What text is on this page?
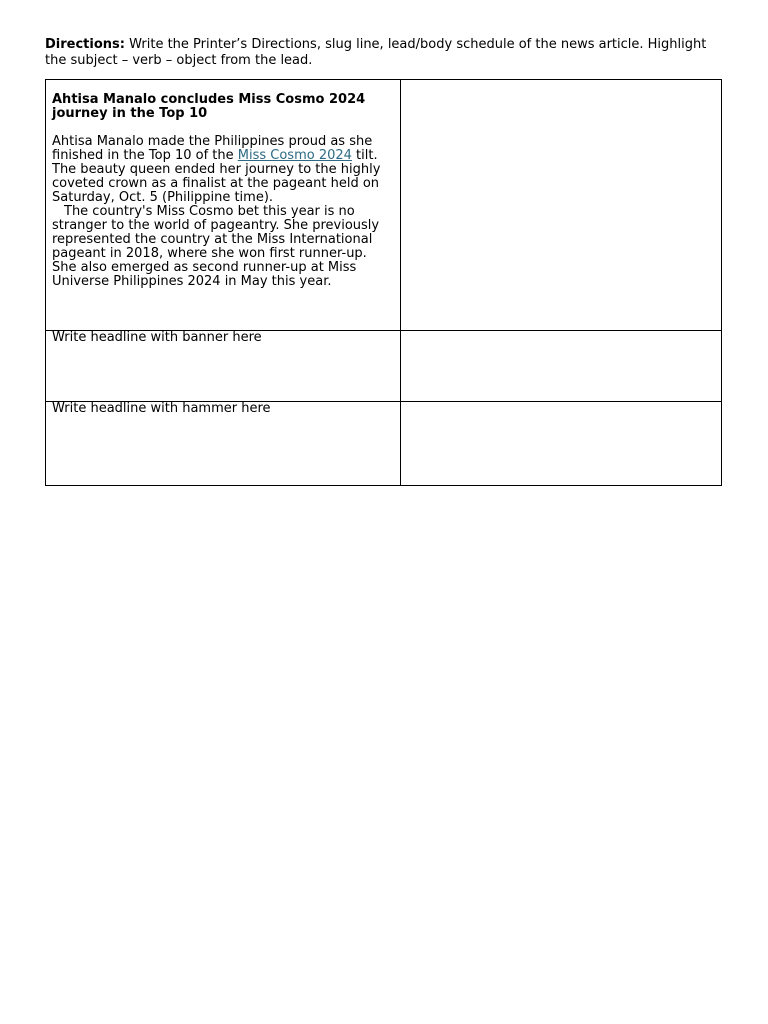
Directions: Write the Printer’s Directions, slug line, lead/body schedule of the news article. Highlight the subject – verb – object from the lead.

Ahtisa Manalo concludes Miss Cosmo 2024 journey in the Top 10

Ahtisa Manalo made the Philippines proud as she finished in the Top 10 of the Miss Cosmo 2024 tilt.

The beauty queen ended her journey to the highly coveted crown as a finalist at the pageant held on Saturday, Oct. 5 (Philippine time).

The country's Miss Cosmo bet this year is no stranger to the world of pageantry. She previously represented the country at the Miss International pageant in 2018, where she won first runner-up. She also emerged as second runner-up at Miss Universe Philippines 2024 in May this year.	

Write headline with banner here	

Write headline with hammer here	
